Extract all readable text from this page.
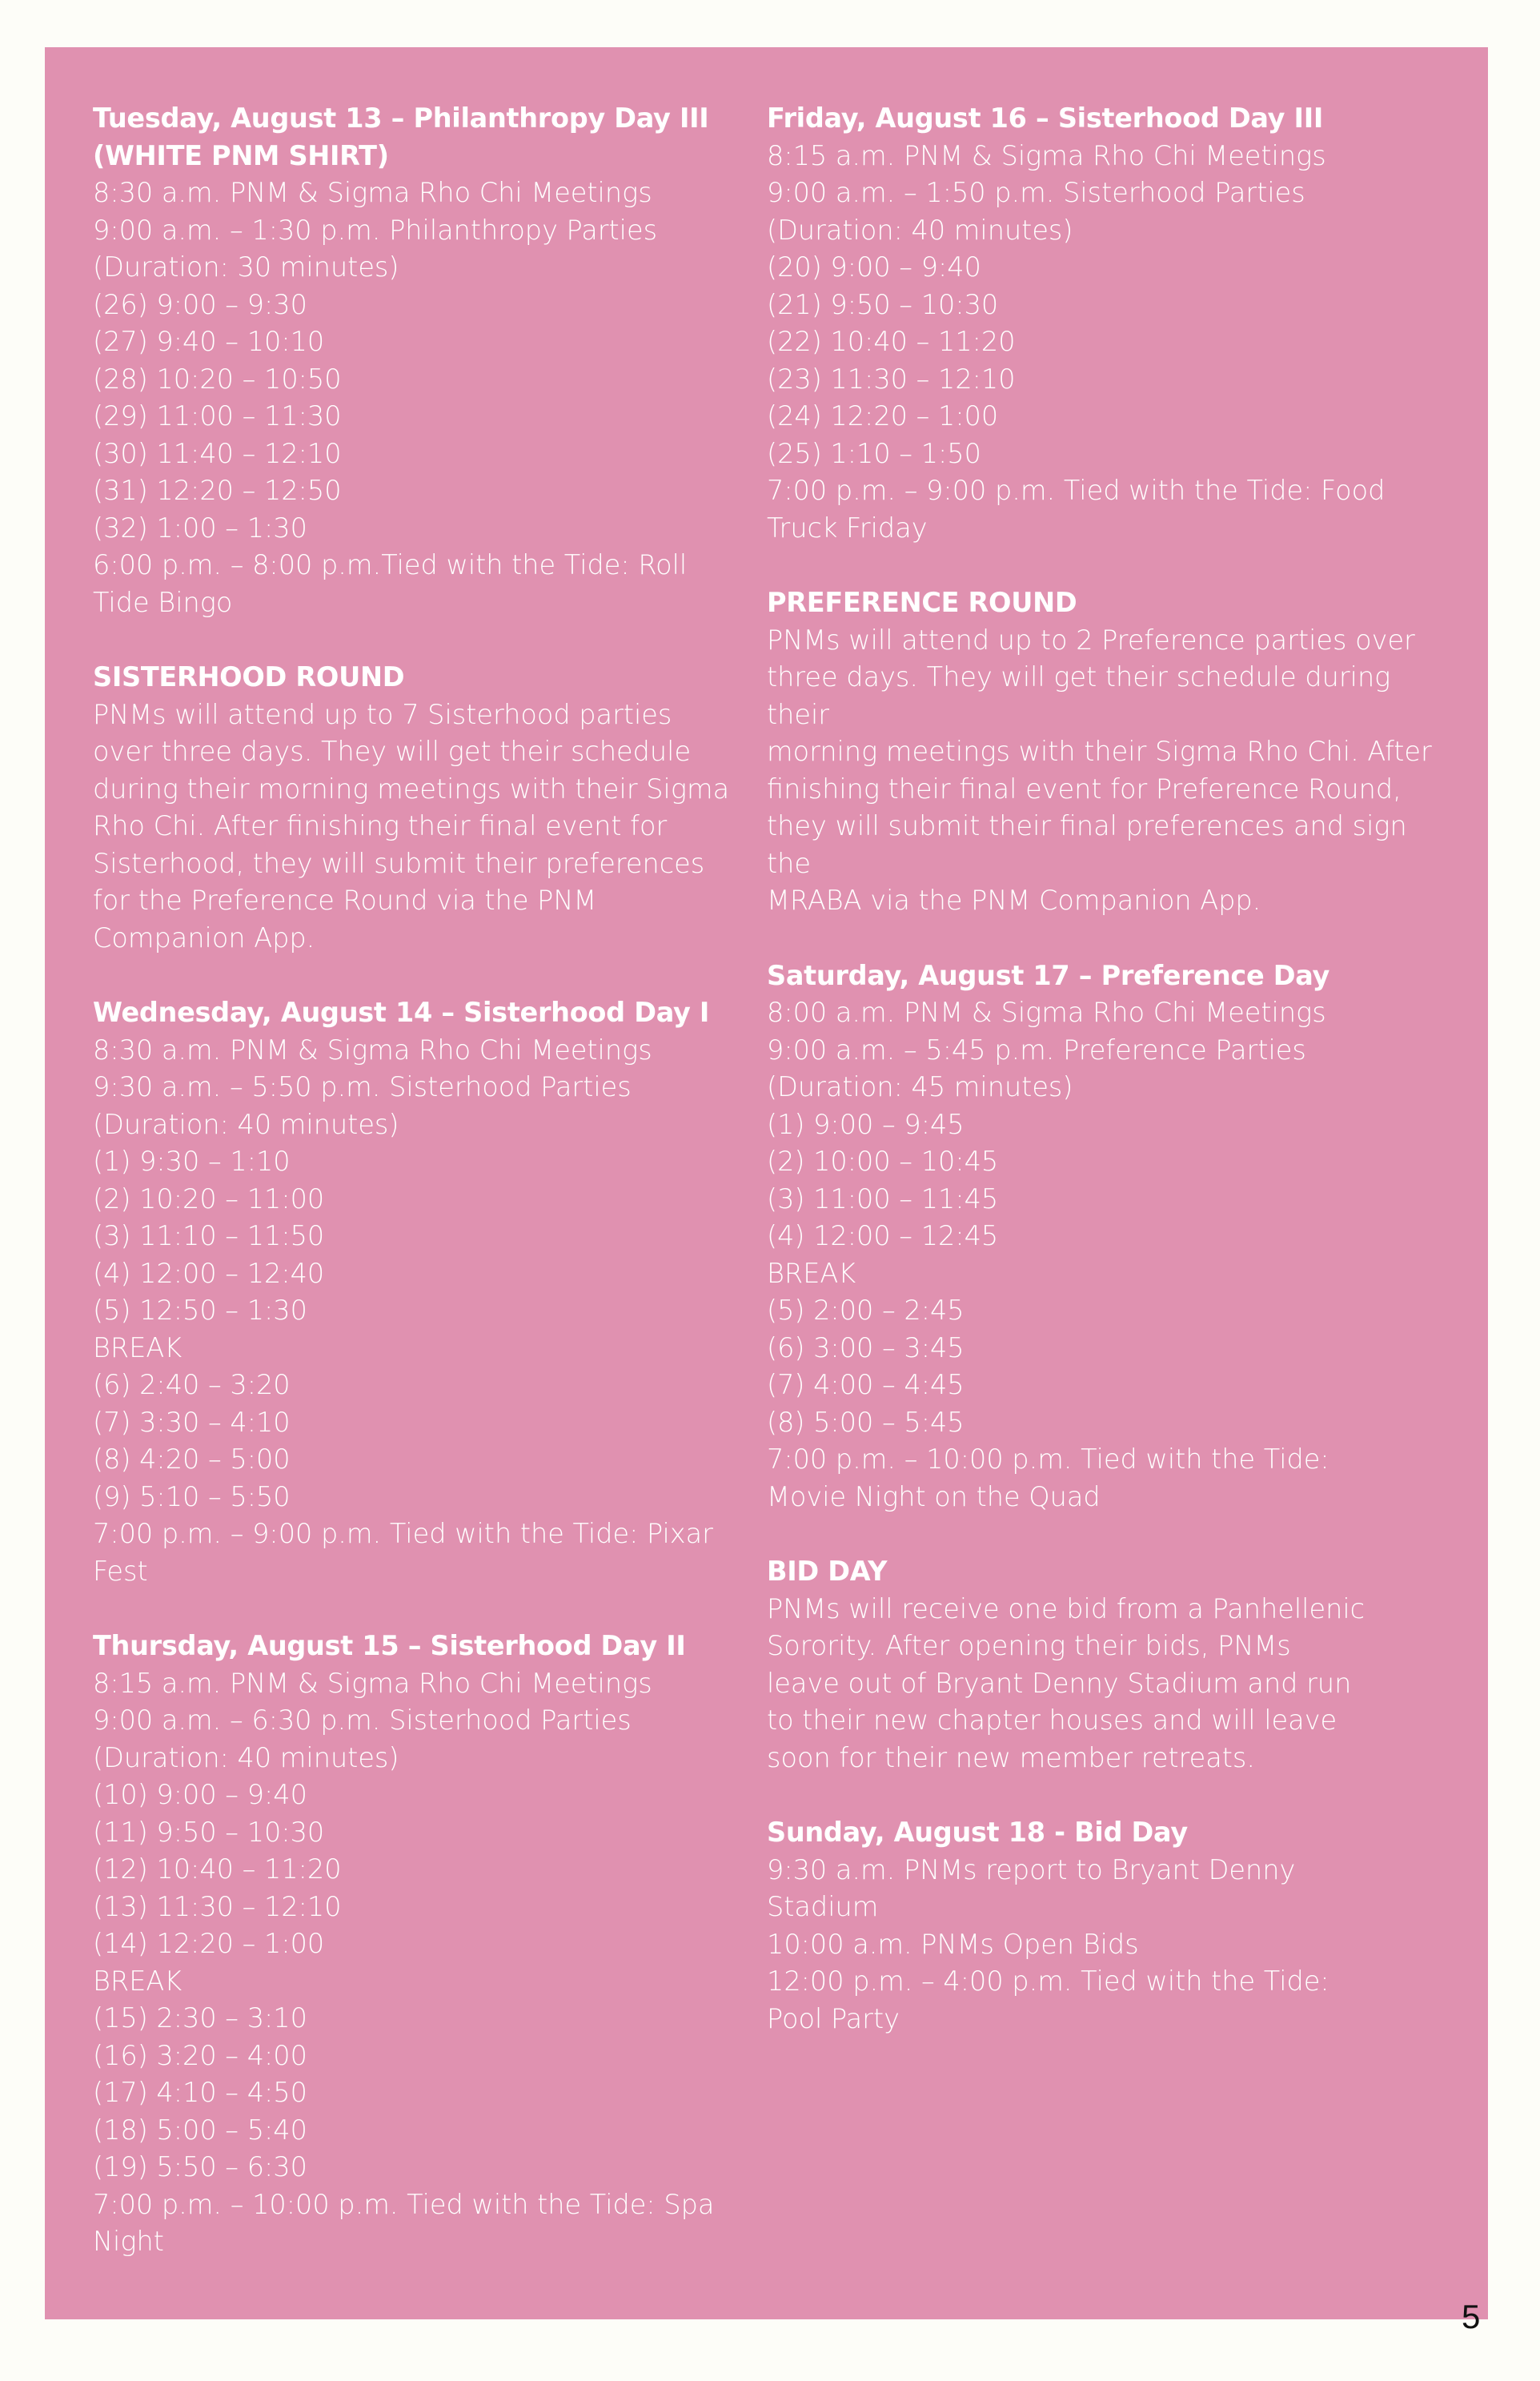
Tuesday, August 13 – Philanthropy Day III
(WHITE PNM SHIRT)
8:30 a.m. PNM & Sigma Rho Chi Meetings
9:00 a.m. – 1:30 p.m. Philanthropy Parties
(Duration: 30 minutes)
(26) 9:00 – 9:30
(27) 9:40 – 10:10
(28) 10:20 – 10:50
(29) 11:00 – 11:30
(30) 11:40 – 12:10
(31) 12:20 – 12:50
(32) 1:00 – 1:30
6:00 p.m. – 8:00 p.m.Tied with the Tide: Roll
Tide Bingo
SISTERHOOD ROUND
PNMs will attend up to 7 Sisterhood parties
over three days. They will get their schedule
during their morning meetings with their Sigma
Rho Chi. After finishing their final event for
Sisterhood, they will submit their preferences
for the Preference Round via the PNM
Companion App.
Wednesday, August 14 – Sisterhood Day I
8:30 a.m. PNM & Sigma Rho Chi Meetings
9:30 a.m. – 5:50 p.m. Sisterhood Parties
(Duration: 40 minutes)
(1) 9:30 – 1:10
(2) 10:20 – 11:00
(3) 11:10 – 11:50
(4) 12:00 – 12:40
(5) 12:50 – 1:30
BREAK
(6) 2:40 – 3:20
(7) 3:30 – 4:10
(8) 4:20 – 5:00
(9) 5:10 – 5:50
7:00 p.m. – 9:00 p.m. Tied with the Tide: Pixar
Fest
Thursday, August 15 – Sisterhood Day II
8:15 a.m. PNM & Sigma Rho Chi Meetings
9:00 a.m. – 6:30 p.m. Sisterhood Parties
(Duration: 40 minutes)
(10) 9:00 – 9:40
(11) 9:50 – 10:30
(12) 10:40 – 11:20
(13) 11:30 – 12:10
(14) 12:20 – 1:00
BREAK
(15) 2:30 – 3:10
(16) 3:20 – 4:00
(17) 4:10 – 4:50
(18) 5:00 – 5:40
(19) 5:50 – 6:30
7:00 p.m. – 10:00 p.m. Tied with the Tide: Spa
Night
Friday, August 16 – Sisterhood Day III
8:15 a.m. PNM & Sigma Rho Chi Meetings
9:00 a.m. – 1:50 p.m. Sisterhood Parties
(Duration: 40 minutes)
(20) 9:00 – 9:40
(21) 9:50 – 10:30
(22) 10:40 – 11:20
(23) 11:30 – 12:10
(24) 12:20 – 1:00
(25) 1:10 – 1:50
7:00 p.m. – 9:00 p.m. Tied with the Tide: Food
Truck Friday
PREFERENCE ROUND
PNMs will attend up to 2 Preference parties over
three days. They will get their schedule during their
morning meetings with their Sigma Rho Chi. After
finishing their final event for Preference Round,
they will submit their final preferences and sign the
MRABA via the PNM Companion App.
Saturday, August 17 – Preference Day
8:00 a.m. PNM & Sigma Rho Chi Meetings
9:00 a.m. – 5:45 p.m. Preference Parties
(Duration: 45 minutes)
(1) 9:00 – 9:45
(2) 10:00 – 10:45
(3) 11:00 – 11:45
(4) 12:00 – 12:45
BREAK
(5) 2:00 – 2:45
(6) 3:00 – 3:45
(7) 4:00 – 4:45
(8) 5:00 – 5:45
7:00 p.m. – 10:00 p.m. Tied with the Tide:
Movie Night on the Quad
BID DAY
PNMs will receive one bid from a Panhellenic
Sorority. After opening their bids, PNMs
leave out of Bryant Denny Stadium and run
to their new chapter houses and will leave
soon for their new member retreats.
Sunday, August 18 - Bid Day
9:30 a.m. PNMs report to Bryant Denny
Stadium
10:00 a.m. PNMs Open Bids
12:00 p.m. – 4:00 p.m. Tied with the Tide:
Pool Party
5
